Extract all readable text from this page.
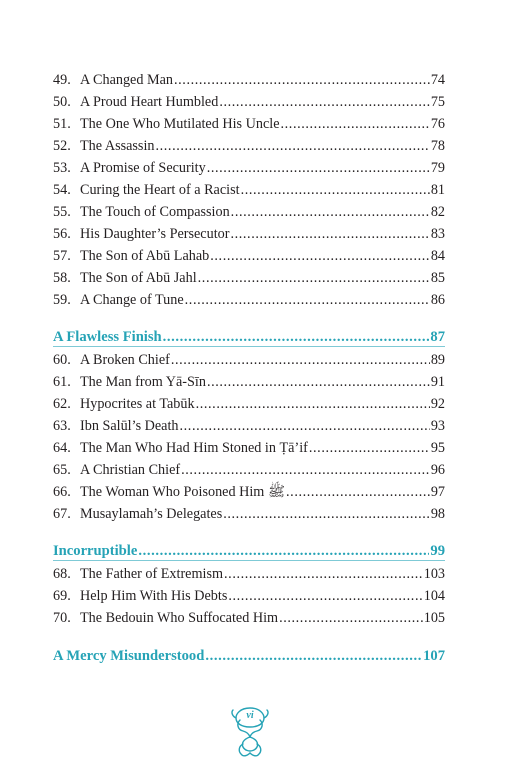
49. A Changed Man .....	74
50. A Proud Heart Humbled .....	75
51. The One Who Mutilated His Uncle .....	76
52. The Assassin .....	78
53. A Promise of Security .....	79
54. Curing the Heart of a Racist .....	81
55. The Touch of Compassion .....	82
56. His Daughter’s Persecutor .....	83
57. The Son of Abū Lahab .....	84
58. The Son of Abū Jahl .....	85
59. A Change of Tune .....	86
A Flawless Finish .....	87
60. A Broken Chief .....	89
61. The Man from Yā-Sīn .....	91
62. Hypocrites at Tabūk .....	92
63. Ibn Salūl’s Death .....	93
64. The Man Who Had Him Stoned in Ṭā’if .....	95
65. A Christian Chief .....	96
66. The Woman Who Poisoned Him ﷺ .....	97
67. Musaylamah’s Delegates .....	98
Incorruptible .....	99
68. The Father of Extremism .....	103
69. Help Him With His Debts .....	104
70. The Bedouin Who Suffocated Him .....	105
A Mercy Misunderstood .....	107
vi
